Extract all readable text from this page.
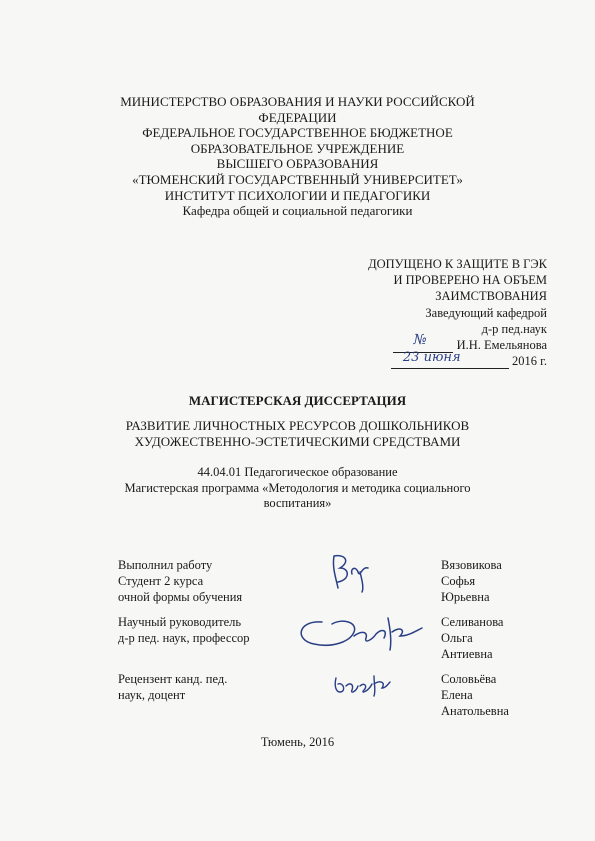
МИНИСТЕРСТВО ОБРАЗОВАНИЯ И НАУКИ РОССИЙСКОЙ
ФЕДЕРАЦИИ
ФЕДЕРАЛЬНОЕ ГОСУДАРСТВЕННОЕ БЮДЖЕТНОЕ
ОБРАЗОВАТЕЛЬНОЕ УЧРЕЖДЕНИЕ
ВЫСШЕГО ОБРАЗОВАНИЯ
«ТЮМЕНСКИЙ ГОСУДАРСТВЕННЫЙ УНИВЕРСИТЕТ»
ИНСТИТУТ ПСИХОЛОГИИ И ПЕДАГОГИКИ
Кафедра общей и социальной педагогики
ДОПУЩЕНО К ЗАЩИТЕ В ГЭК
И ПРОВЕРЕНО НА ОБЪЕМ
ЗАИМСТВОВАНИЯ
Заведующий кафедрой
д-р пед.наук
№ И.Н. Емельянова
23 июня	2016 г.
МАГИСТЕРСКАЯ ДИССЕРТАЦИЯ
РАЗВИТИЕ ЛИЧНОСТНЫХ РЕСУРСОВ ДОШКОЛЬНИКОВ
ХУДОЖЕСТВЕННО-ЭСТЕТИЧЕСКИМИ СРЕДСТВАМИ
44.04.01 Педагогическое образование
Магистерская программа «Методология и методика социального
воспитания»
Выполнил работу
Студент 2 курса
очной формы обучения
Вязовикова
Софья
Юрьевна
Научный руководитель
д-р пед. наук, профессор
Селиванова
Ольга
Антиевна
Рецензент канд. пед.
наук, доцент
Соловьёва
Елена
Анатольевна
Тюмень, 2016
